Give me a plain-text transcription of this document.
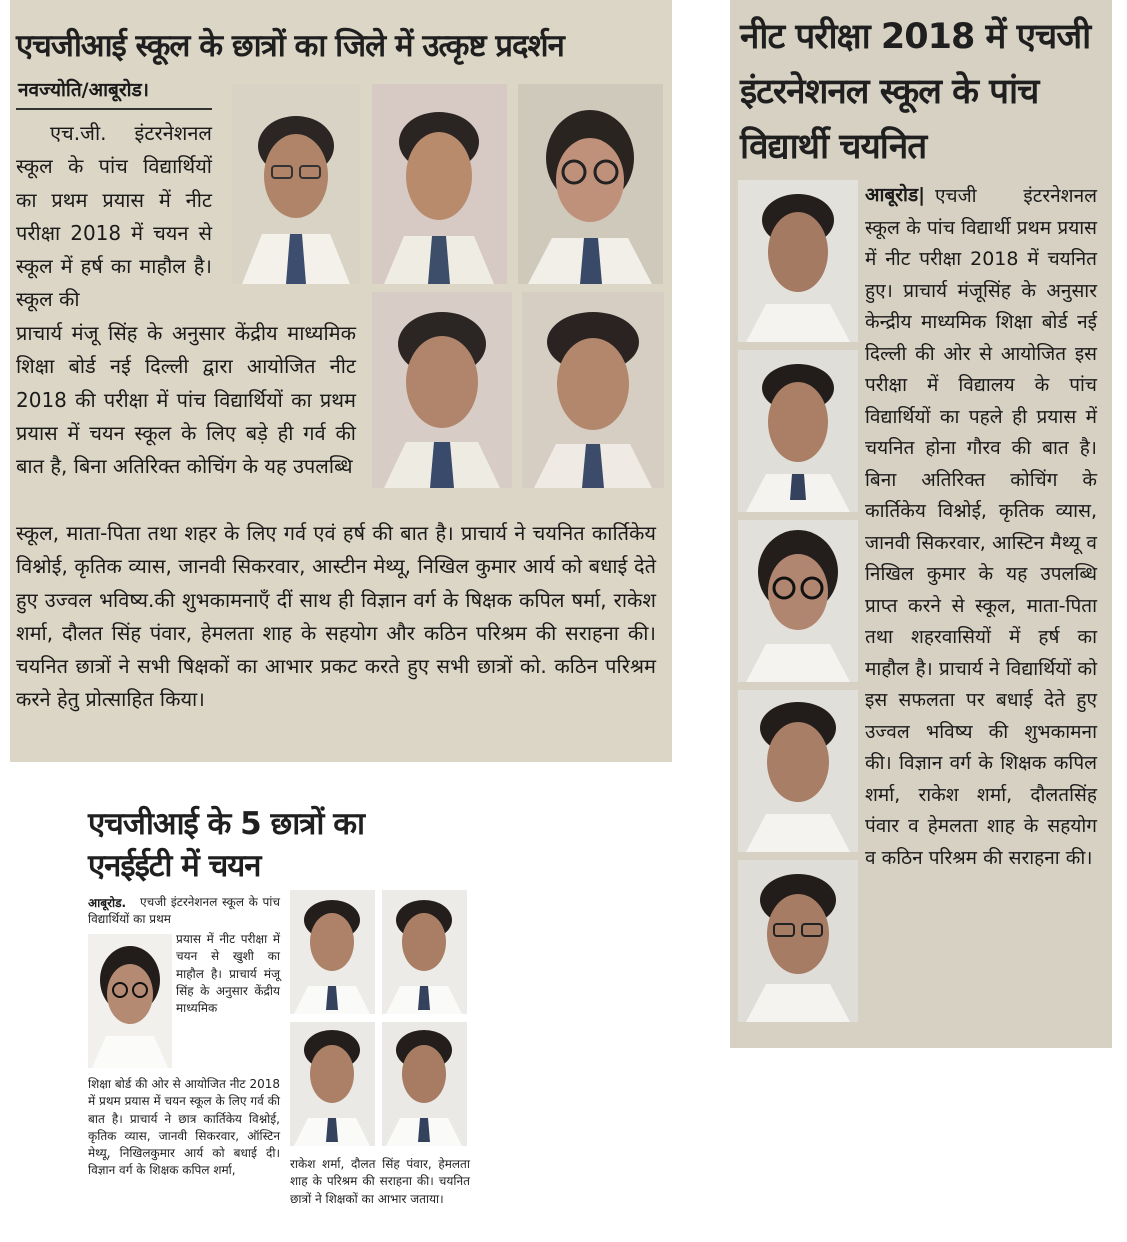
एचजीआई स्कूल के छात्रों का जिले में उत्कृष्ट प्रदर्शन
नवज्योति/आबूरोड।

एच.जी. इंटरनेशनल स्कूल के पांच विद्यार्थियों का प्रथम प्रयास में नीट परीक्षा 2018 में चयन से स्कूल में हर्ष का माहौल है। स्कूल की

प्राचार्य मंजू सिंह के अनुसार केंद्रीय माध्यमिक शिक्षा बोर्ड नई दिल्ली द्वारा आयोजित नीट 2018 की परीक्षा में पांच विद्यार्थियों का प्रथम प्रयास में चयन स्कूल के लिए बड़े ही गर्व की बात है, बिना अतिरिक्त कोचिंग के यह उपलब्धि

स्कूल, माता-पिता तथा शहर के लिए गर्व एवं हर्ष की बात है। प्राचार्य ने चयनित कार्तिकेय विश्नोई, कृतिक व्यास, जानवी सिकरवार, आस्टीन मेथ्यू, निखिल कुमार आर्य को बधाई देते हुए उज्वल भविष्य.की शुभकामनाएँ दीं साथ ही विज्ञान वर्ग के षिक्षक कपिल षर्मा, राकेश शर्मा, दौलत सिंह पंवार, हेमलता शाह के सहयोग और कठिन परिश्रम की सराहना की। चयनित छात्रों ने सभी षिक्षकों का आभार प्रकट करते हुए सभी छात्रों को. कठिन परिश्रम करने हेतु प्रोत्साहित किया।

नीट परीक्षा 2018 में एचजी
इंटरनेशनल स्कूल के पांच
विद्यार्थी चयनित
आबूरोड| एचजी इंटरनेशनल स्कूल के पांच विद्यार्थी प्रथम प्रयास में नीट परीक्षा 2018 में चयनित हुए। प्राचार्य मंजूसिंह के अनुसार केन्द्रीय माध्यमिक शिक्षा बोर्ड नई दिल्ली की ओर से आयोजित इस परीक्षा में विद्यालय के पांच विद्यार्थियों का पहले ही प्रयास में चयनित होना गौरव की बात है। बिना अतिरिक्त कोचिंग के कार्तिकेय विश्नोई, कृतिक व्यास, जानवी सिकरवार, आस्टिन मैथ्यू व निखिल कुमार के यह उपलब्धि प्राप्त करने से स्कूल, माता-पिता तथा शहरवासियों में हर्ष का माहौल है। प्राचार्य ने विद्यार्थियों को इस सफलता पर बधाई देते हुए उज्वल भविष्य की शुभकामना की। विज्ञान वर्ग के शिक्षक कपिल शर्मा, राकेश शर्मा, दौलतसिंह पंवार व हेमलता शाह के सहयोग व कठिन परिश्रम की सराहना की।

एचजीआई के 5 छात्रों का
एनईईटी में चयन
आबूरोड.	एचजी इंटरनेशनल स्कूल के पांच विद्यार्थियों का प्रथम

प्रयास में नीट परीक्षा में चयन से खुशी का माहौल है। प्राचार्य मंजू सिंह के अनुसार केंद्रीय माध्यमिक

शिक्षा बोर्ड की ओर से आयोजित नीट 2018 में प्रथम प्रयास में चयन स्कूल के लिए गर्व की बात है। प्राचार्य ने छात्र कार्तिकेय विश्नोई, कृतिक व्यास, जानवी सिकरवार, ऑस्टिन मेथ्यू, निखिलकुमार आर्य को बधाई दी। विज्ञान वर्ग के शिक्षक कपिल शर्मा,	राकेश शर्मा, दौलत सिंह पंवार, हेमलता शाह के परिश्रम की सराहना की। चयनित छात्रों ने शिक्षकों का आभार जताया।
